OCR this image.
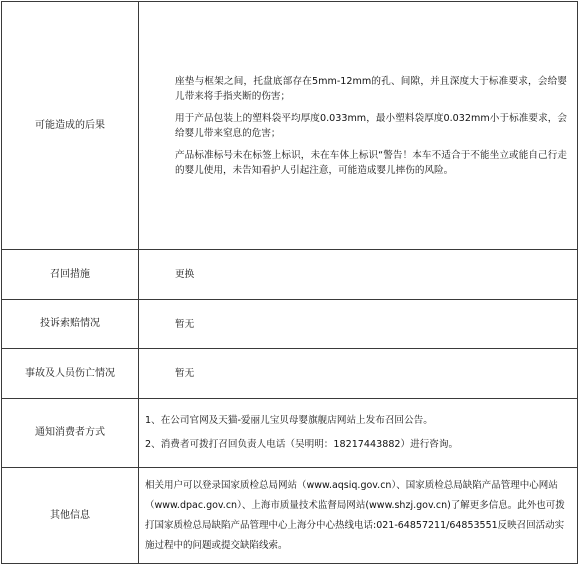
可能造成的后果	座垫与框架之间，托盘底部存在5mm-12mm的孔、间隙，并且深度大于标准要求，会给婴儿带来将手指夹断的伤害；

用于产品包装上的塑料袋平均厚度0.033mm，最小塑料袋厚度0.032mm小于标准要求，会给婴儿带来窒息的危害；

产品标准标号未在标签上标识，未在车体上标识“警告！本车不适合于不能坐立或能自己行走的婴儿使用，未告知看护人引起注意，可能造成婴儿摔伤的风险。

召回措施	更换
投诉索赔情况	暂无
事故及人员伤亡情况	暂无
通知消费者方式	1、在公司官网及天猫-爱丽儿宝贝母婴旗舰店网站上发布召回公告。

2、消费者可拨打召回负责人电话（吴明明：18217443882）进行咨询。

其他信息	相关用户可以登录国家质检总局网站（www.aqsiq.gov.cn）、国家质检总局缺陷产品管理中心网站（www.dpac.gov.cn）、上海市质量技术监督局网站(www.shzj.gov.cn)了解更多信息。此外也可拨打国家质检总局缺陷产品管理中心上海分中心热线电话:021-64857211/64853551反映召回活动实施过程中的问题或提交缺陷线索。
